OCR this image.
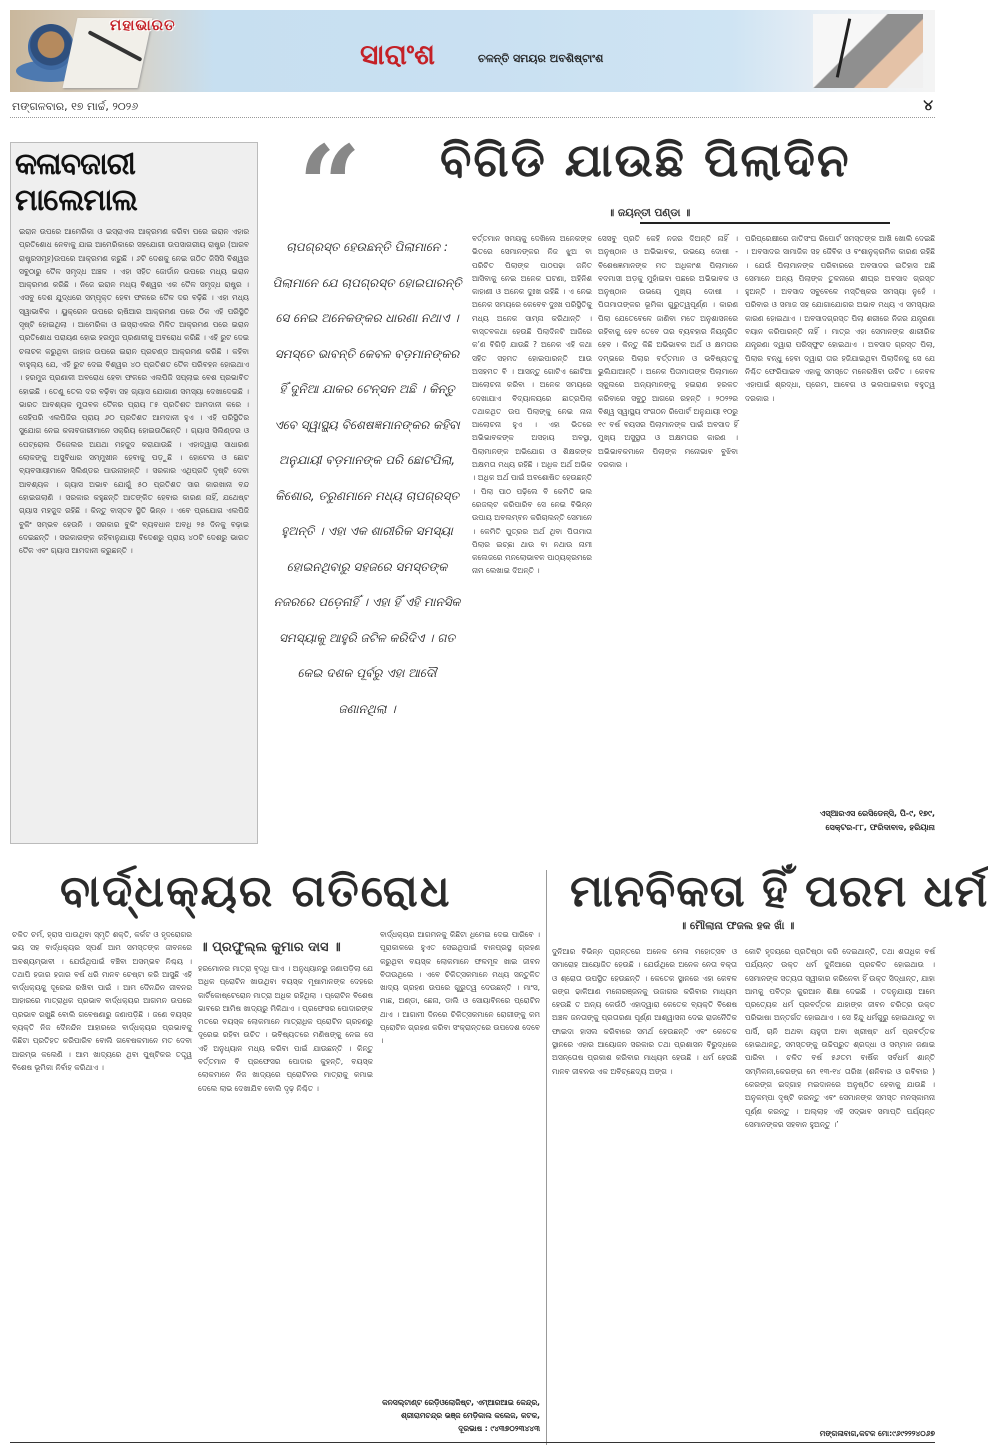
ମହାଭାରତ
ସାରାଂଶ	ଚଳନ୍ତି ସମୟର ଅବଶିଷ୍ଟାଂଶ
ମଙ୍ଗଳବାର, ୧୭ ମାର୍ଚ୍ଚ, ୨୦୨୬	୪
କଳାବଜାରୀ ମାଲେମାଲ
ଇରାନ ଉପରେ ଆମେରିକା ଓ ଇସ୍ରାଏଲ ଆକ୍ରମଣ କରିବା ପରେ ଇରାନ ଏହାର ପ୍ରତିଶୋଧ ନେବାକୁ ଯାଇ ଆମେରିକାରେ ସହଯୋଗୀ ଉପସାଗରୀୟ ରାଷ୍ଟ୍ର (ଆରବ ରାଷ୍ଟ୍ରସମୂହ)ଉପରେ ଆକ୍ରମଣ କରୁଛି । ୬ଟି ଦେଶକୁ ନେଇ ଗଠିତ ଜିସିସି ବିଶ୍ୱର ସବୁଠାରୁ ତୈଳ ସମୃଦ୍ଧ ଅଞ୍ଚଳ । ଏହା ସହିତ ଜୋର୍ଡାନ ଉପରେ ମଧ୍ୟ ଇରାନ ଆକ୍ରମଣ କରିଛି । ନିଜେ ଇରାନ ମଧ୍ୟ ବିଶ୍ୱର ଏକ ତୈଳ ସମୃଦ୍ଧ ରାଷ୍ଟ୍ର । ଏସବୁ ଦେଶ ଯୁଦ୍ଧରେ ସମ୍ପୃକ୍ତ ହେବା ଫଳରେ ତୈଳ ଦର ବଢ଼ିଛି । ଏହା ମଧ୍ୟ ସ୍ୱାଭାବିକ । ୟୁକ୍ରେନ ଉପରେ ଋଷିଆର ଆକ୍ରମଣ ପରେ ଠିକ ଏହି ପରିସ୍ଥିତି ସୃଷ୍ଟି ହୋଇଥିଲା । ଆମେରିକା ଓ ଇସ୍ରାଏଲର ମିଳିତ ଆକ୍ରମଣ ପରେ ଇରାନ ପ୍ରତିଶୋଧ ପରାୟଣ ହୋଇ ହରମୁଜ ପ୍ରଣାଳୀକୁ ଅବରୋଧ କରିଛି । ଏହି ରୁଟ ଦେଇ ଚଳାଚଳ କରୁଥିବା ଜାହାଜ ଉପରେ ଇରାନ ପ୍ରଚଣ୍ଡ ଆକ୍ରମଣ କରିଛି । କହିବା ବାହୁଲ୍ୟ ଯେ, ଏହି ରୁଟ ଦେଇ ବିଶ୍ୱର ୪୦ ପ୍ରତିଶତ ତୈଳ ପରିବହନ ହୋଇଥାଏ । ହରମୁଜ ପ୍ରଣାଳୀ ଅବରୋଧ ହେବା ଫଳରେ ଏଲପିଜି ସପ୍ଲାଇ ବେଶ ପ୍ରଭାବିତ ହୋଇଛି । ତେଣୁ ତେଲ ଦର ବଢ଼ିବା ସହ ଗ୍ୟାସ ଯୋଗାଣ ସମସ୍ୟା ଦେଖାଦେଇଛି । ଭାରତ ଆବଶ୍ୟକ ମୁତାବକ ତୈଳର ପ୍ରାୟ ୮୫ ପ୍ରତିଶତ ଆମଦାନୀ କରେ । ସେହିପରି ଏଲପିଜିର ପ୍ରାୟ ୬୦ ପ୍ରତିଶତ ଆମଦାନୀ ହୁଏ । ଏହି ପରିସ୍ଥିତିର ସୁଯୋଗ ନେଇ କଳାବଜାରୀମାନେ ସକ୍ରିୟ ହୋଇଉଠିଛନ୍ତି । ଗ୍ୟାସ ସିଲିଣ୍ଡର ଓ ପେଟ୍ରୋଲ ଡିଜେଲର ଅଯଥା ମହଜୁଦ କରାଯାଉଛି । ଏହାଦ୍ୱାରା ସାଧାରଣ ଲୋକଙ୍କୁ ଅସୁବିଧାର ସମ୍ମୁଖୀନ ହେବାକୁ ପଡ଼ୁଛି । ହୋଟେଲ ଓ ଛୋଟ ବ୍ୟବସାୟୀମାନେ ସିଲିଣ୍ଡର ପାଉନାହାନ୍ତି । ସରକାର ଏଥିପ୍ରତି ଦୃଷ୍ଟି ଦେବା ଆବଶ୍ୟକ । ଗ୍ୟାସ ଅଭାବ ଯୋଗୁଁ ୫୦ ପ୍ରତିଶତ ସାର କାରଖାନା ବନ୍ଦ ହୋଇଗଲାଣି । ସରକାର କହୁଛନ୍ତି ଆତଙ୍କିତ ହେବାର କାରଣ ନାହିଁ, ଯଥେଷ୍ଟ ଗ୍ୟାସ ମହଜୁଦ ରହିଛି । କିନ୍ତୁ ବାସ୍ତବ ସ୍ଥିତି ଭିନ୍ନ । ଏବେ ପ୍ରଯୋଗ ଏଲପିଜି ବୁକିଂ ସମ୍ଭବ ହେଉନି । ସରକାର ବୁକିଂ ବ୍ୟବଧାନ ଅବଧି ୨୫ ଦିନକୁ ବଢ଼ାଇ ଦେଇଛନ୍ତି । ସରକାରଙ୍କ କହିବାନୁଯାୟୀ ବିଦେଶରୁ ପ୍ରାୟ ୪୦ଟି ଦେଶରୁ ଭାରତ ତୈଳ ଏବଂ ଗ୍ୟାସ ଆମଦାନୀ କରୁଛନ୍ତି ।
“
ଚାପଗ୍ରସ୍ତ ହେଉଛନ୍ତି ପିଲାମାନେ : ପିଲାମାନେ ଯେ ଚାପଗ୍ରସ୍ତ ହୋଇପାରନ୍ତି ସେ ନେଇ ଅନେକଙ୍କର ଧାରଣା ନଥାଏ । ସମସ୍ତେ ଭାବନ୍ତି କେବଳ ବଡ଼ମାନଙ୍କର ହିଁ ଦୁନିଆ ଯାକର ଟେନ୍‌ସନ ଅଛି । କିନ୍ତୁ ଏବେ ସ୍ୱାସ୍ଥ୍ୟ ବିଶେଷଜ୍ଞମାନଙ୍କର କହିବା ଅନୁଯାୟୀ ବଡ଼ମାନଙ୍କ ପରି ଛୋଟପିଲା, କିଶୋର, ତରୁଣମାନେ ମଧ୍ୟ ଚାପଗ୍ରସ୍ତ ହୁଅନ୍ତି । ଏହା ଏକ ଶାରୀରିକ ସମସ୍ୟା ହୋଇନଥିବାରୁ ସହଜରେ ସମସ୍ତଙ୍କ ନଜରରେ ପଡ଼େନାହିଁ । ଏହା ହିଁ ଏହି ମାନସିକ ସମସ୍ୟାକୁ ଆହୁରି ଜଟିଳ କରିଦିଏ । ଗତ କେଇ ଦଶକ ପୂର୍ବରୁ ଏହା ଆଦୌ ଜଣାନଥିଲା ।
ବିଗିଡି ଯାଉଛି ପିଲାଦିନ
॥ ଜୟନ୍ତୀ ପଣ୍ଡା ॥
ବର୍ତ୍ତମାନ ସମୟକୁ ଦେଖିଲେ ଅନେକଙ୍କ ଭିତରେ ସେମାନଙ୍କର ନିଜ ଝୁଅ ବା ପରିଚିତ ପିଲାଙ୍କ ପାଠପଢ଼ା ଜନିତ ଆସିବାକୁ ନେଇ ଅନେକ ଘଟଣା, ଅହିନିଶ କାହାଣୀ ଓ ଅନେକ ଦୁଃଖ ରହିଛି । ଏ ନେଇ ଅନେକ ସମୟରେ କେବେବ ଦୁଃଖ ପରିସ୍ଥିତିକୁ ମଧ୍ୟ ଅନେକ ସାମ୍ନା କରିଥାନ୍ତି । ବାସ୍ତବକଥା ହେଉଛି ପିଲାଦିନଟି ଆଜିରେ କ’ଣ ବିଗିଡ଼ି ଯାଉଛି ? ଅନେକ ଏହି କଥା ସହିତ ସହମତ ହୋଇପାରନ୍ତି ଆଉ ଅସହମତ ବି । ଆସନ୍ତୁ ଗୋଟିଏ ଛୋଟିଆ ଆଲୋଚନା କରିବା । ଅନେକ ସମୟରେ ଦେଖାଯାଏ ବିଦ୍ୟାଳୟରେ ଛାତ୍ରପିଲା ତଥାକଥିତ ଉପ ପିଲାଙ୍କୁ ନେଇ ନାନା ଆଲୋଚନା ହୁଏ । ଏହା ଭିତରେ ଅଭିଭାବକଙ୍କ ଅସହାୟ ଅବସ୍ଥା, ପିଲାମାନଙ୍କ ଅଭିଯୋଗ ଓ ଶିକ୍ଷକଙ୍କ ଅକ୍ଷମତା ମଧ୍ୟ ରହିଛି । ଅଧିକ ଅର୍ଥ ଅଭିକ । ଅଧିକ ଅର୍ଥ ପାଇଁ ଅବଶୋଷିତ ହେଉଛନ୍ତି । ପିଲା ପାଠ ପଢ଼ିଲେ ବି କେମିତି ଭଲ ରେଜଲ୍ଟ କରିପାରିବ ସେ ନେଇ ବିଭିନ୍ନ ଉପାୟ ଅବଲମ୍ବନ କରିଚାଲନ୍ତି ସେମାନେ । କେମିତି ପୁତ୍ରର ଅର୍ଥ ଥିବା ପିତାମାତା ପିଲାର ଇଚ୍ଛା ଥାଉ ବା ନଥାଉ ନାମୀ କଲେଜରେ ମନଲୋଭାବଳ ପାଠ୍ୟକ୍ରମରେ ନାମ ଲେଖାଇ ଦିଅନ୍ତି ।
ସେସବୁ ପ୍ରତି କେହି ନଜର ଦିଅନ୍ତି ନାହିଁ । ଅନୁଷ୍ଠାନ ଓ ଅଭିଭାବକ, ଉଭୟେ ଦୋଷୀ - ବିଶେଷଜ୍ଞମାନଙ୍କ ମତ ଅଧିକାଂଶ ପିଲାମାନେ ବଦମାସୀ ଅଡ଼କୁ ମୁହାଁଇବା ପଛରେ ଅଭିଭାବକ ଓ ଅନୁଷ୍ଠାନ ଉଭୟେ ମୁଖ୍ୟ ଦୋଷୀ । ପିତାମାତାଙ୍କର ଭୂମିକା ଗୁରୁତ୍ୱପୂର୍ଣ୍ଣ । କାରଣ ପିଲା ଯେତେବେଳେ ଜାଣିବା ମତେ ଅନୁଶାସନରେ ରହିବାକୁ ହେବ ତେବେ ତାର ବ୍ୟବହାର ନିୟନ୍ତ୍ରିତ ହେବ । କିନ୍ତୁ କିଛି ଅଭିଭାବକ ଅର୍ଥ ଓ କ୍ଷମତାର ଦମ୍ଭରେ ପିଲାର ବର୍ତ୍ତମାନ ଓ ଭବିଷ୍ୟତକୁ ଭୁଲିଯାଆନ୍ତି । ଅନେକ ପିତାମାତାଙ୍କ ପିଲାମାନେ ସ୍କୁଲରେ ଅନ୍ୟମାନଙ୍କୁ ହଇରାଣ ହରକତ କରିବାରେ ସବୁଠୁ ଆଗରେ ରହନ୍ତି । ୨୦୨୨ର ବିଶ୍ୱ ସ୍ୱାସ୍ଥ୍ୟ ସଂଗଠନ ରିପୋର୍ଟ ଅନୁଯାୟୀ ୧୦ରୁ ୧୯ ବର୍ଷ ବୟସର ପିଲାମାନଙ୍କ ପାଇଁ ଅବସାଦ ହିଁ ମୁଖ୍ୟ ଅସୁସ୍ଥତା ଓ ଅକ୍ଷମତାର କାରଣ । ଅଭିଭାବକମାନେ ପିଲାଙ୍କ ମନୋଭାବ ବୁଝିବା ଦରକାର ।
ପରିପ୍ରେକ୍ଷୀରେ ଜାତିସଂଘ ରିପୋର୍ଟ ସମସ୍ତଙ୍କ ଆଖି ଖୋଲି ଦେଇଛି । ଅବସାଦର ସାମାଜିକ ସହ ଜୈବିକ ଓ ବଂଶାନୁକ୍ରମିକ କାରଣ ରହିଛି । ଯେଉଁ ପିଲାମାନଙ୍କ ପରିବାରରେ ଅବସାଦର ଇତିହାସ ଅଛି ସେମାନେ ଅନ୍ୟ ପିଲାଙ୍କ ତୁଳନାରେ ଶୀଘ୍ର ଅବସାଦ ଗ୍ରସ୍ତ ହୁଅନ୍ତି । ଅବସାଦ ସବୁବେଳେ ମସ୍ତିଷ୍କର ସମସ୍ୟା ନୁହେଁ । ପରିବାର ଓ ସମାଜ ସହ ଯୋଗାଯୋଗର ଅଭାବ ମଧ୍ୟ ଏ ସମସ୍ୟାର କାରଣ ହୋଇଥାଏ । ଅବସାଦଗ୍ରସ୍ତ ପିଲା ଶରୀରେ ନିଜର ଯନ୍ତ୍ରଣା ବୟାନ କରିପାରନ୍ତି ନାହିଁ । ମାତ୍ର ଏହା ସେମାନଙ୍କ ଶାରୀରିକ ଯନ୍ତ୍ରଣା ଦ୍ୱାରା ପରିସ୍ଫୁଟ ହୋଇଥାଏ । ଅବସାଦ ଗ୍ରସ୍ତ ପିଲା, ପିଲାର ବନ୍ଧୁ ହେବା ଦ୍ୱାରା ତାର ହଜିଯାଇଥିବା ପିଲାଦିନକୁ ସେ ଯେ ନିଶ୍ଚିତ ଫେରିପାଇବ ଏହାକୁ ସମସ୍ତେ ମନେରଖିବା ଉଚିତ । କେବଳ ଏହାପାଇଁ ଶ୍ରଦ୍ଧା, ପ୍ରେମ, ଆବେଗ ଓ ଭଲପାଇବାର ବହୁତ୍ୱ ଦରକାର ।
ଏସ୍ଆରଏସ ରେସିଡେନ୍ସି, ପି-୯, ୧୭୯,
ସେକ୍ଟର-୮୮, ଫରିଦାବାଦ, ହରିୟାନା
ବାର୍ଦ୍ଧକ୍ୟର ଗତିରୋଧ
॥ ପ୍ରଫୁଲ୍ଲ କୁମାର ଦାସ ॥
ଚକିତ ଚର୍ମ, ହ୍ରାସ ପାଉଥିବା ସ୍ମୃତି ଶକ୍ତି, କର୍କଟ ଓ ହୃଦରୋଗର ଭୟ ସହ ବାର୍ଦ୍ଧକ୍ୟର ସ୍ପର୍ଶ ଆମ ସମସ୍ତଙ୍କ ଜୀବନରେ ଅବଶ୍ୟମ୍ଭାବୀ । ଯେଉଁଥିପାଇଁ ବଞ୍ଚିବା ଅସମ୍ଭବ ନିଶ୍ଚୟ । ତଥାପି ହଜାର ହଜାର ବର୍ଷ ଧରି ମାନବ ଚେଷ୍ଟା କରି ଆସୁଛି ଏହି ବାର୍ଦ୍ଧକ୍ୟକୁ ଦୂରେଇ ରଖିବା ପାଇଁ । ଆମ ଦୈନନ୍ଦିନ ଜୀବନର ଆହାରରେ ମାତ୍ରାଧିକ ପ୍ରଭାବ ବାର୍ଦ୍ଧକ୍ୟର ଆଗମନ ଉପରେ ପ୍ରଭାବ ରଖୁଛି ବୋଲି ଗବେଷଣାରୁ ଜଣାପଡ଼ିଛି । ଜଣେ ବୟସ୍କ ବ୍ୟକ୍ତି ନିଜ ଦୈନନ୍ଦିନ ଆହାରରେ ବାର୍ଦ୍ଧକ୍ୟର ପ୍ରଭାବକୁ କିଛିଟା ପ୍ରତିହତ କରିପାରିବ ବୋଲି ଗବେଷକମାନେ ମତ ଦେବା ଆରମ୍ଭ କଲେଣି । ଆମ ଖାଦ୍ୟରେ ଥିବା ପୁଷ୍ଟିକର ତତ୍ତ୍ୱ ବିଶେଷ ଭୂମିକା ନିର୍ବାହ କରିଥାଏ ।
ହରମୋନର ମାତ୍ରା ବୃଦ୍ଧି ପାଏ । ଅନୁଧ୍ୟାନରୁ ଜଣାପଡ଼ିଲା ଯେ ଅଧିକ ପ୍ରୋଟିନ ଖାଉଥିବା ବୟସ୍କ ମୂଷାମାନଙ୍କ ଦେହରେ କାର୍ଟିକୋଷ୍ଟେରୋନ ମାତ୍ରା ଅଧିକ ରହିଥିଲା । ପ୍ରୋଟିନ ବିଶେଷ ଭାବରେ ଆମିଷ ଖାଦ୍ୟରୁ ମିଳିଥାଏ । ପ୍ରଫେସର ପୋଦାରଙ୍କ ମତରେ ବୟସ୍କ ଲୋକମାନେ ମାତ୍ରାଧିକ ପ୍ରୋଟିନ ଗ୍ରହଣରୁ ଦୂରେଇ ରହିବା ଉଚିତ । ଭବିଷ୍ୟତରେ ମଣିଷଙ୍କୁ ନେଇ ସେ ଏହି ଅନୁଧ୍ୟାନ ମଧ୍ୟ କରିବା ପାଇଁ ଯାଉଛନ୍ତି । କିନ୍ତୁ ବର୍ତ୍ତମାନ ବି ପ୍ରଫେସର ପୋଦାର କୁହନ୍ତି, ବୟସ୍କ ଲୋକମାନେ ନିଜ ଖାଦ୍ୟରେ ପ୍ରୋଟିନର ମାତ୍ରାକୁ କମାଇ ଦେଲେ ଲାଭ ଦେଖାଯିବ ବୋଲି ଦୃଢ଼ ନିଶ୍ଚିତ ।
ବାର୍ଦ୍ଧକ୍ୟର ଆଗମନକୁ କିଛିଟା ଧିମେଇ ଦେଇ ପାରିବେ । ପୂରାକାଳରେ ହୁଏତ ସେଇଥିପାଇଁ ବାନପ୍ରସ୍ଥ ଗ୍ରହଣ କରୁଥିବା ବୟସ୍କ ଲୋକମାନେ ଫଳମୂଳ ଖାଇ ଜୀବନ ବିତାଉଥିଲେ । ଏବେ ଚିକିତ୍ସକମାନେ ମଧ୍ୟ ସନ୍ତୁଳିତ ଖାଦ୍ୟ ଗ୍ରହଣ ଉପରେ ଗୁରୁତ୍ୱ ଦେଉଛନ୍ତି । ମାଂସ, ମାଛ, ଅଣ୍ଡା, ଛେନା, ଡାଲି ଓ ସୋୟାବିନରେ ପ୍ରୋଟିନ ଥାଏ । ଆଗାମୀ ଦିନରେ ଚିକିତ୍ସକମାନେ ରୋଗୀଙ୍କୁ କମ ପ୍ରୋଟିନ ଗ୍ରହଣ କରିବା ସଂକ୍ରାନ୍ତରେ ଉପଦେଶ ଦେବେ ।
କନସଲ୍‌ଟାଣ୍ଟ ରେଡ଼ିଓଲୋଜିଷ୍ଟ, ଏମ୍ଆରଆଇ କେନ୍ଦ୍ର,
ଶ୍ରୀରାମଚନ୍ଦ୍ର ଭଞ୍ଜ ମେଡ଼ିକାଲ କଲେଜ, କଟକ,
ଦୂରଭାଷ : ୯୪୩୭୦୨୩୪୪୩
ମାନବିକତା ହିଁ ପରମ ଧର୍ମ
॥ ମୌଲାନା ଫଜଲ ହକ ଖାଁ ॥
ଦୁନିଆର ବିଭିନ୍ନ ପ୍ରାନ୍ତରେ ଅନେକ ମେଳା ମହୋତ୍ସବ ଓ ସମାରୋହ ଆୟୋଜିତ ହେଉଛି । ଯେଉଁଥିରେ ଅନେକ ନେତା ବକ୍ତା ଓ ଶ୍ରୋତା ଉପସ୍ଥିତ ହେଉଛନ୍ତି । କେତେକ ସ୍ଥାନରେ ଏହା କେବଳ ରଙ୍ଗ ଢାଳିଆଣ ମନୋରଞ୍ଜନକୁ ଉଜାଗର କରିବାର ମାଧ୍ୟମ ହେଉଛି ତ ଅନ୍ୟ କେଉଁଠି ଏହାଦ୍ୱାରା କେତେକ ବ୍ୟକ୍ତି ବିଶେଷ ଅଞ୍ଚଳ ଜନତାଙ୍କୁ ପ୍ରତାରଣା ପୂର୍ଣ୍ଣ ଆଶ୍ୱାସନା ଦେଇ ରାଜନୈତିକ ଫାଇଦା ହାସଲ କରିବାରେ ସମର୍ଥ ହେଉଛନ୍ତି ଏବଂ କେତେକ ସ୍ଥାନରେ ଏହାର ଆୟୋଜନ ସରକାର ତଥା ପ୍ରଶାସନ ବିରୁଦ୍ଧରେ ଅସନ୍ତୋଷ ପ୍ରକାଶ କରିବାର ମାଧ୍ୟମ ହେଉଛି । ଧର୍ମ ହେଉଛି ମାନବ ଜୀବନର ଏକ ଅବିଚ୍ଛେଦ୍ୟ ଅଙ୍ଗ ।
କୋଟି ହୃଦୟରେ ପ୍ରତିଷ୍ଠା କରି ଦେଇଥାନ୍ତି, ତଥା ଶତାଧିକ ବର୍ଷ ପର୍ଯ୍ୟନ୍ତ ଉକ୍ତ ଧର୍ମ ଦୁନିଆରେ ପ୍ରଚଳିତ ହୋଇଥାଉ । ସେମାନଙ୍କ ସତ୍ୟତା ସ୍ୱୀକାର କରିନେବା ହିଁ ଉକ୍ତ ସିଦ୍ଧାନ୍ତ, ଯାହା ଆମକୁ ପବିତ୍ର କୁରଆନ ଶିକ୍ଷା ଦେଇଛି । ତଦନୁଯାୟୀ ଆମେ ପ୍ରତ୍ୟେକ ଧର୍ମ ପ୍ରବର୍ତ୍ତକ ଯାହାଙ୍କ ଜୀବନ ଚରିତ୍ର ଉକ୍ତ ପରିଭାଷା ଅନ୍ତର୍ଗତ ହୋଇଥାଏ । ସେ ହିନ୍ଦୁ ଧର୍ମଗୁରୁ ହୋଇଥାନ୍ତୁ ବା ପାର୍ସି, ଚାନି ଅଥବା ୟହୁଦୀ ଅବା ଖ୍ରୀଷ୍ଟ ଧର୍ମ ପ୍ରବର୍ତ୍ତକ ହୋଇଥାନ୍ତୁ, ସମସ୍ତଙ୍କୁ ଉଚ୍ଚିପ୍ରୁତ ଶ୍ରଦ୍ଧା ଓ ସମ୍ମାନ ଜଣାଇ ପାରିବା । ଚଳିତ ବର୍ଷ ୫୬ତମ ବାର୍ଷିକ ସର୍ବଧର୍ମ ଶାନ୍ତି ସମ୍ମିଳନୀ,କେରଙ୍ଗ ମେ ୧୩-୧୪ ତାରିଖ (ଶନିବାର ଓ ରବିବାର ) କେରଙ୍ଗ ଇଦ୍‌ଗାହ ମଇଦାନରେ ଅନୁଷ୍ଠିତ ହେବାକୁ ଯାଉଛି । ଅନୁକମ୍ପା ଦୃଷ୍ଟି କରନ୍ତୁ ଏବଂ ସେମାନଙ୍କ ସମସ୍ତ ମନସ୍କାମନା ପୂର୍ଣ୍ଣ କରନ୍ତୁ । ଅଲ୍ଲାହ ଏହି ସଦ୍ଭାବ ସମାପ୍ତି ପର୍ଯ୍ୟନ୍ତ ସେମାନଙ୍କର ସହବାନ ହୁଅନ୍ତୁ ।’
ମଙ୍ଗଳାବାଗ,କଟକ ମୋ:୯୬୯୨୨୨୪୦୬୭
